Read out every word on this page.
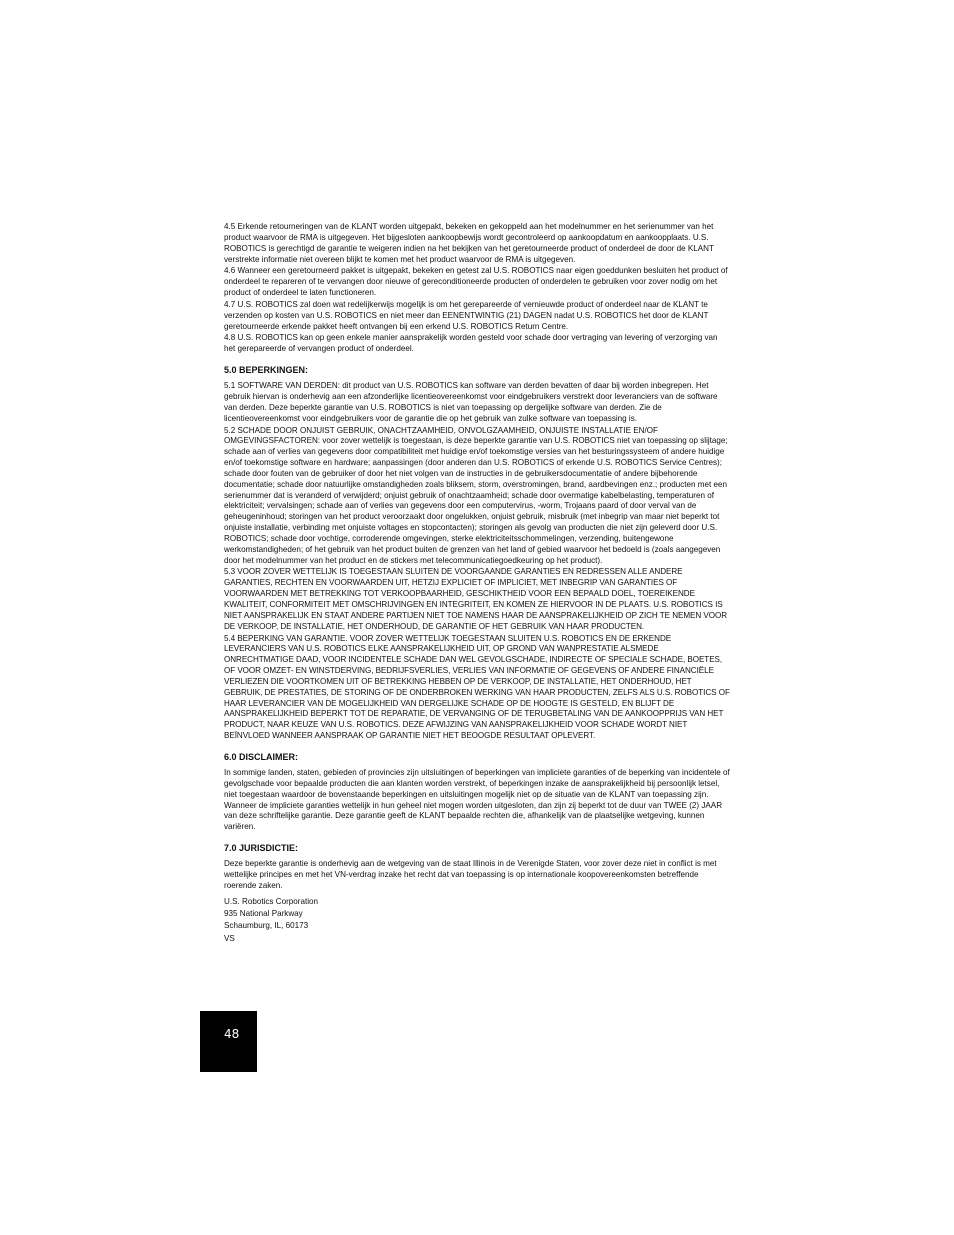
4.5 Erkende retourneringen van de KLANT worden uitgepakt, bekeken en gekoppeld aan het modelnummer en het serienummer van het product waarvoor de RMA is uitgegeven. Het bijgesloten aankoopbewijs wordt gecontroleerd op aankoopdatum en aankoopplaats. U.S. ROBOTICS is gerechtigd de garantie te weigeren indien na het bekijken van het geretourneerde product of onderdeel de door de KLANT verstrekte informatie niet overeen blijkt te komen met het product waarvoor de RMA is uitgegeven.

4.6 Wanneer een geretourneerd pakket is uitgepakt, bekeken en getest zal U.S. ROBOTICS naar eigen goeddunken besluiten het product of onderdeel te repareren of te vervangen door nieuwe of gereconditioneerde producten of onderdelen te gebruiken voor zover nodig om het product of onderdeel te laten functioneren.

4.7 U.S. ROBOTICS zal doen wat redelijkerwijs mogelijk is om het gerepareerde of vernieuwde product of onderdeel naar de KLANT te verzenden op kosten van U.S. ROBOTICS en niet meer dan EENENTWINTIG (21) DAGEN nadat U.S. ROBOTICS het door de KLANT geretourneerde erkende pakket heeft ontvangen bij een erkend U.S. ROBOTICS Return Centre.

4.8 U.S. ROBOTICS kan op geen enkele manier aansprakelijk worden gesteld voor schade door vertraging van levering of verzorging van het gerepareerde of vervangen product of onderdeel.

5.0 BEPERKINGEN:

5.1 SOFTWARE VAN DERDEN: dit product van U.S. ROBOTICS kan software van derden bevatten of daar bij worden inbegrepen. Het gebruik hiervan is onderhevig aan een afzonderlijke licentieovereenkomst voor eindgebruikers verstrekt door leveranciers van de software van derden. Deze beperkte garantie van U.S. ROBOTICS is niet van toepassing op dergelijke software van derden. Zie de licentieovereenkomst voor eindgebruikers voor de garantie die op het gebruik van zulke software van toepassing is.

5.2 SCHADE DOOR ONJUIST GEBRUIK, ONACHTZAAMHEID, ONVOLGZAAMHEID, ONJUISTE INSTALLATIE EN/OF OMGEVINGSFACTOREN: voor zover wettelijk is toegestaan, is deze beperkte garantie van U.S. ROBOTICS niet van toepassing op slijtage; schade aan of verlies van gegevens door compatibiliteit met huidige en/of toekomstige versies van het besturingssysteem of andere huidige en/of toekomstige software en hardware; aanpassingen (door anderen dan U.S. ROBOTICS of erkende U.S. ROBOTICS Service Centres); schade door fouten van de gebruiker of door het niet volgen van de instructies in de gebruikersdocumentatie of andere bijbehorende documentatie; schade door natuurlijke omstandigheden zoals bliksem, storm, overstromingen, brand, aardbevingen enz.; producten met een serienummer dat is veranderd of verwijderd; onjuist gebruik of onachtzaamheid; schade door overmatige kabelbelasting, temperaturen of elektriciteit; vervalsingen; schade aan of verlies van gegevens door een computervirus, -worm, Trojaans paard of door verval van de geheugeninhoud; storingen van het product veroorzaakt door ongelukken, onjuist gebruik, misbruik (met inbegrip van maar niet beperkt tot onjuiste installatie, verbinding met onjuiste voltages en stopcontacten); storingen als gevolg van producten die niet zijn geleverd door U.S. ROBOTICS; schade door vochtige, corroderende omgevingen, sterke elektriciteitsschommelingen, verzending, buitengewone werkomstandigheden; of het gebruik van het product buiten de grenzen van het land of gebied waarvoor het bedoeld is (zoals aangegeven door het modelnummer van het product en de stickers met telecommunicatiegoedkeuring op het product).

5.3 VOOR ZOVER WETTELIJK IS TOEGESTAAN SLUITEN DE VOORGAANDE GARANTIES EN REDRESSEN ALLE ANDERE GARANTIES, RECHTEN EN VOORWAARDEN UIT, HETZIJ EXPLICIET OF IMPLICIET, MET INBEGRIP VAN GARANTIES OF VOORWAARDEN MET BETREKKING TOT VERKOOPBAARHEID, GESCHIKTHEID VOOR EEN BEPAALD DOEL, TOEREIKENDE KWALITEIT, CONFORMITEIT MET OMSCHRIJVINGEN EN INTEGRITEIT, EN KOMEN ZE HIERVOOR IN DE PLAATS. U.S. ROBOTICS IS NIET AANSPRAKELIJK EN STAAT ANDERE PARTIJEN NIET TOE NAMENS HAAR DE AANSPRAKELIJKHEID OP ZICH TE NEMEN VOOR DE VERKOOP, DE INSTALLATIE, HET ONDERHOUD, DE GARANTIE OF HET GEBRUIK VAN HAAR PRODUCTEN.

5.4 BEPERKING VAN GARANTIE. VOOR ZOVER WETTELIJK TOEGESTAAN SLUITEN U.S. ROBOTICS EN DE ERKENDE LEVERANCIERS VAN U.S. ROBOTICS ELKE AANSPRAKELIJKHEID UIT, OP GROND VAN WANPRESTATIE ALSMEDE ONRECHTMATIGE DAAD, VOOR INCIDENTELE SCHADE DAN WEL GEVOLGSCHADE, INDIRECTE OF SPECIALE SCHADE, BOETES, OF VOOR OMZET- EN WINSTDERVING, BEDRIJFSVERLIES, VERLIES VAN INFORMATIE OF GEGEVENS OF ANDERE FINANCIËLE VERLIEZEN DIE VOORTKOMEN UIT OF BETREKKING HEBBEN OP DE VERKOOP, DE INSTALLATIE, HET ONDERHOUD, HET GEBRUIK, DE PRESTATIES, DE STORING OF DE ONDERBROKEN WERKING VAN HAAR PRODUCTEN, ZELFS ALS U.S. ROBOTICS OF HAAR LEVERANCIER VAN DE MOGELIJKHEID VAN DERGELIJKE SCHADE OP DE HOOGTE IS GESTELD, EN BLIJFT DE AANSPRAKELIJKHEID BEPERKT TOT DE REPARATIE, DE VERVANGING OF DE TERUGBETALING VAN DE AANKOOPPRIJS VAN HET PRODUCT, NAAR KEUZE VAN U.S. ROBOTICS. DEZE AFWIJZING VAN AANSPRAKELIJKHEID VOOR SCHADE WORDT NIET BEÏNVLOED WANNEER AANSPRAAK OP GARANTIE NIET HET BEOOGDE RESULTAAT OPLEVERT.

6.0 DISCLAIMER:

In sommige landen, staten, gebieden of provincies zijn uitsluitingen of beperkingen van impliciete garanties of de beperking van incidentele of gevolgschade voor bepaalde producten die aan klanten worden verstrekt, of beperkingen inzake de aansprakelijkheid bij persoonlijk letsel, niet toegestaan waardoor de bovenstaande beperkingen en uitsluitingen mogelijk niet op de situatie van de KLANT van toepassing zijn. Wanneer de impliciete garanties wettelijk in hun geheel niet mogen worden uitgesloten, dan zijn zij beperkt tot de duur van TWEE (2) JAAR van deze schriftelijke garantie. Deze garantie geeft de KLANT bepaalde rechten die, afhankelijk van de plaatselijke wetgeving, kunnen variëren.

7.0 JURISDICTIE:

Deze beperkte garantie is onderhevig aan de wetgeving van de staat Illinois in de Verenigde Staten, voor zover deze niet in conflict is met wettelijke principes en met het VN-verdrag inzake het recht dat van toepassing is op internationale koopovereenkomsten betreffende roerende zaken.

U.S. Robotics Corporation
935 National Parkway
Schaumburg, IL, 60173
VS
48
